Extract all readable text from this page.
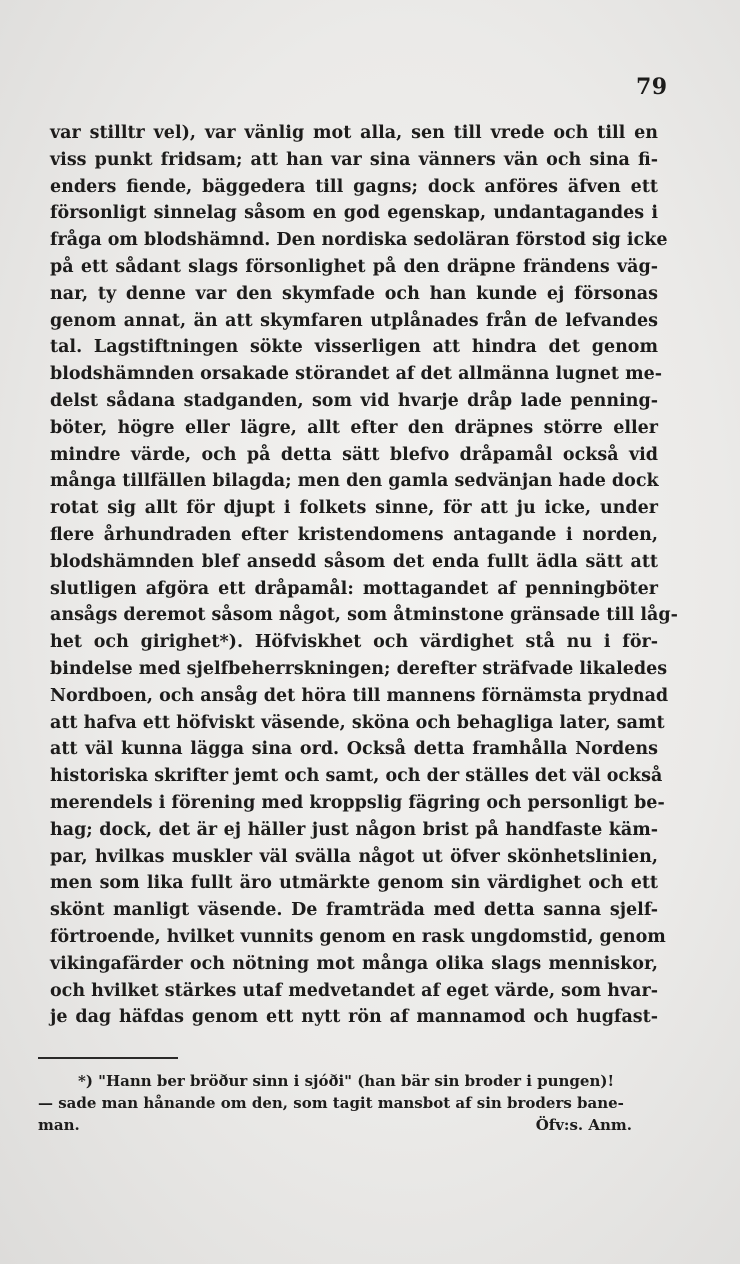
79
var stilltr vel), var vänlig mot alla, sen till vrede och till en
viss punkt fridsam; att han var sina vänners vän och sina fi-
enders fiende, bäggedera till gagns; dock anföres äfven ett
försonligt sinnelag såsom en god egenskap, undantagandes i
fråga om blodshämnd. Den nordiska sedoläran förstod sig icke
på ett sådant slags försonlighet på den dräpne frändens väg-
nar, ty denne var den skymfade och han kunde ej försonas
genom annat, än att skymfaren utplånades från de lefvandes
tal. Lagstiftningen sökte visserligen att hindra det genom
blodshämnden orsakade störandet af det allmänna lugnet me-
delst sådana stadganden, som vid hvarje dråp lade penning-
böter, högre eller lägre, allt efter den dräpnes större eller
mindre värde, och på detta sätt blefvo dråpamål också vid
många tillfällen bilagda; men den gamla sedvänjan hade dock
rotat sig allt för djupt i folkets sinne, för att ju icke, under
flere århundraden efter kristendomens antagande i norden,
blodshämnden blef ansedd såsom det enda fullt ädla sätt att
slutligen afgöra ett dråpamål: mottagandet af penningböter
ansågs deremot såsom något, som åtminstone gränsade till låg-
het och girighet*). Höfviskhet och värdighet stå nu i för-
bindelse med sjelfbeherrskningen; derefter sträfvade likaledes
Nordboen, och ansåg det höra till mannens förnämsta prydnad
att hafva ett höfviskt väsende, sköna och behagliga later, samt
att väl kunna lägga sina ord. Också detta framhålla Nordens
historiska skrifter jemt och samt, och der ställes det väl också
merendels i förening med kroppslig fägring och personligt be-
hag; dock, det är ej häller just någon brist på handfaste käm-
par, hvilkas muskler väl svälla något ut öfver skönhetslinien,
men som lika fullt äro utmärkte genom sin värdighet och ett
skönt manligt väsende. De framträda med detta sanna sjelf-
förtroende, hvilket vunnits genom en rask ungdomstid, genom
vikingafärder och nötning mot många olika slags menniskor,
och hvilket stärkes utaf medvetandet af eget värde, som hvar-
je dag häfdas genom ett nytt rön af mannamod och hugfast-
*) "Hann ber bröður sinn i sjóði" (han bär sin broder i pungen)!
— sade man hånande om den, som tagit mansbot af sin broders bane-
man.	Öfv:s. Anm.
